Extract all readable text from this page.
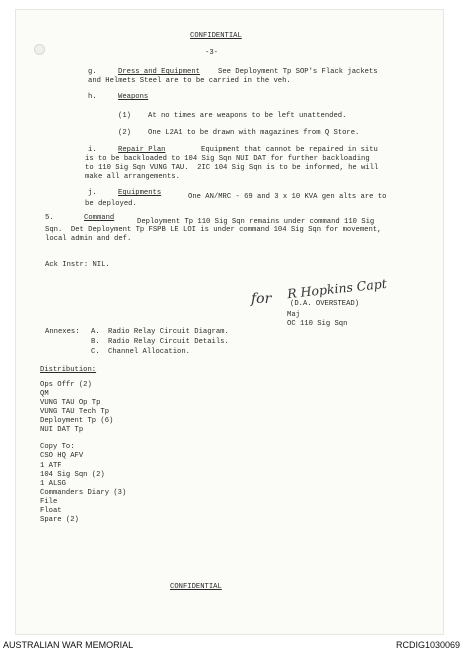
CONFIDENTIAL
-3-
g.	Dress and Equipment	See Deployment Tp SOP's Flack jackets
and Helmets Steel are to be carried in the veh.
h.	Weapons
(1) At no times are weapons to be left unattended.
(2) One L2A1 to be drawn with magazines from Q Store.
i.	Repair Plan	Equipment that cannot be repaired in situ
is to be backloaded to 104 Sig Sqn NUI DAT for further backloading
to 110 Sig Sqn VUNG TAU.  2IC 104 Sig Sqn is to be informed, he will
make all arrangements.
j.	Equipments	One AN/MRC - 69 and 3 x 10 KVA gen alts are to
be deployed.
5.	Command	Deployment Tp 110 Sig Sqn remains under command 110 Sig
Sqn.  Det Deployment Tp FSPB LE LOI is under command 104 Sig Sqn for movement,
local admin and def.
Ack Instr: NIL.
for R Hopkins Capt
(D.A. OVERSTEAD)
Maj
OC 110 Sig Sqn
Annexes: A. Radio Relay Circuit Diagram.
B. Radio Relay Circuit Details.
C. Channel Allocation.
Distribution:
Ops Offr (2)
QM
VUNG TAU Op Tp
VUNG TAU Tech Tp
Deployment Tp (6)
NUI DAT Tp
Copy To:
CSO HQ AFV
1 ATF
104 Sig Sqn (2)
1 ALSG
Commanders Diary (3)
File
Float
Spare (2)
CONFIDENTIAL
AUSTRALIAN WAR MEMORIAL	RCDIG1030069
